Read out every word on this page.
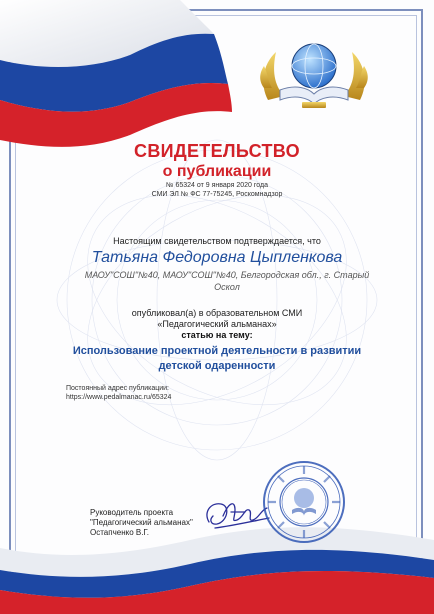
СВИДЕТЕЛЬСТВО
о публикации
№ 65324 от 9 января 2020 года
СМИ ЭЛ № ФС 77-75245, Роскомнадзор
Настоящим свидетельством подтверждается, что
Татьяна Федоровна Цыпленкова
МАОУ"СОШ"№40, МАОУ"СОШ"№40, Белгородская обл., г. Старый Оскол
опубликовал(а) в образовательном СМИ
«Педагогический альманах»
статью на тему:
Использование проектной деятельности в развитии детской одаренности
Постоянный адрес публикации:
https://www.pedalmanac.ru/65324
Руководитель проекта
"Педагогический альманах"
Остапченко В.Г.
